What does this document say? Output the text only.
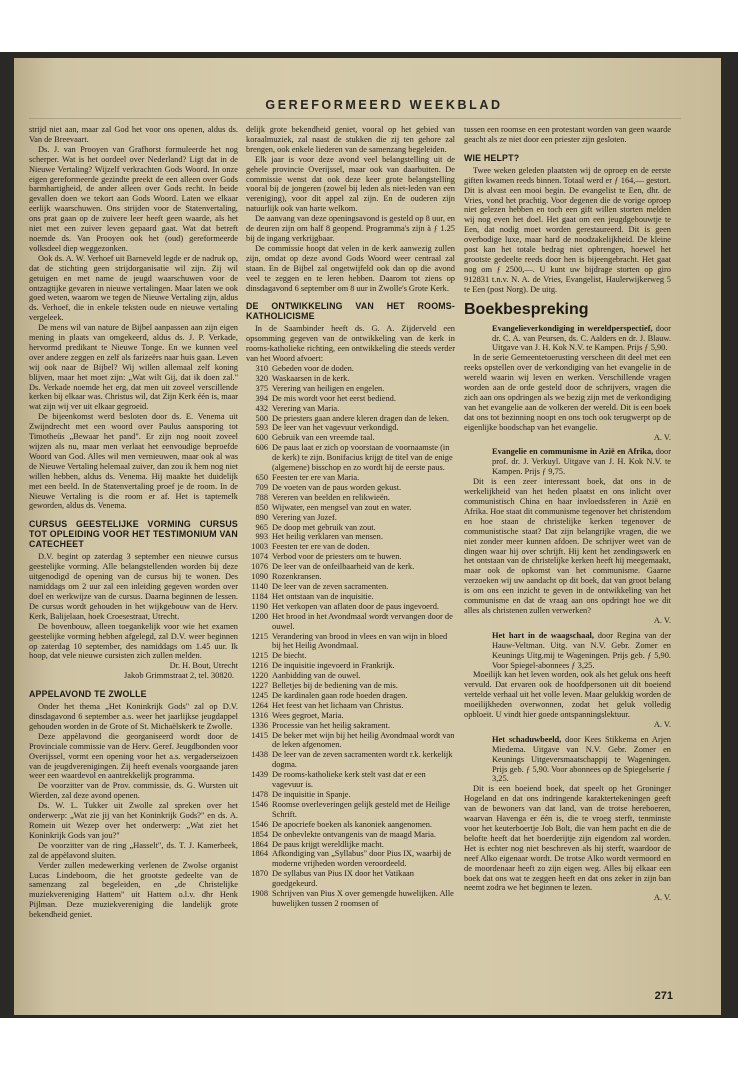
GEREFORMEERD WEEKBLAD

strijd niet aan, maar zal God het voor ons openen, aldus ds. Van de Breevaart.

Ds. J. van Prooyen van Grafhorst formuleerde het nog scherper. Wat is het oordeel over Nederland? Ligt dat in de Nieuwe Vertaling? Wijzelf verkrachten Gods Woord. In onze eigen gereformeerde gezindte preekt de een alleen over Gods barmhartigheid, de ander alleen over Gods recht. In beide gevallen doen we tekort aan Gods Woord. Laten we elkaar eerlijk waarschuwen. Ons strijden voor de Statenvertaling, ons prat gaan op de zuivere leer heeft geen waarde, als het niet met een zuiver leven gepaard gaat. Wat dat betreft noemde ds. Van Prooyen ook het (oud) gereformeerde volksdeel diep weggezonken.

Ook ds. A. W. Verhoef uit Barneveld legde er de nadruk op, dat de stichting geen strijdorganisatie wil zijn. Zij wil getuigen en met name de jeugd waarschuwen voor de ontzagtijke gevaren in nieuwe vertalingen. Maar laten we ook goed weten, waarom we tegen de Nieuwe Vertaling zijn, aldus ds. Verhoef, die in enkele teksten oude en nieuwe vertaling vergeleek.

De mens wil van nature de Bijbel aanpassen aan zijn eigen mening in plaats van omgekeerd, aldus ds. J. P. Verkade, hervormd predikant te Nieuwe Tonge. En we kunnen veel over andere zeggen en zelf als farizeërs naar huis gaan. Leven wij ook naar de Bijbel? Wij willen allemaal zelf koning blijven, maar het moet zijn: „Wat wilt Gij, dat ik doen zal." Ds. Verkade noemde het erg, dat men uit zoveel verscillende kerken bij elkaar was. Christus wil, dat Zijn Kerk één is, maar wat zijn wij ver uit elkaar gegroeid.

De bijeenkomst werd besloten door ds. E. Venema uit Zwijndrecht met een woord over Paulus aansporing tot Timotheüs „Bewaar het pand". Er zijn nog nooit zoveel wijzen als nu, maar men verlaat het eenvoudige beproefde Woord van God. Alles wil men vernieuwen, maar ook al was de Nieuwe Vertaling helemaal zuiver, dan zou ik hem nog niet willen hebben, aldus ds. Venema. Hij maakte het duidelijk met een beeld. In de Statenvertaling proef je de room. In de Nieuwe Vertaling is die room er af. Het is taptemelk geworden, aldus ds. Venema.

CURSUS GEESTELIJKE VORMING CURSUS TOT OPLEIDING VOOR HET TESTIMONIUM VAN CATECHEET

D.V. begint op zaterdag 3 september een nieuwe cursus geestelijke vorming. Alle belangstellenden worden bij deze uitgenodigd de opening van de cursus bij te wonen. Des namiddags om 2 uur zal een inleiding gegeven worden over doel en werkwijze van de cursus. Daarna beginnen de lessen. De cursus wordt gehouden in het wijkgebouw van de Herv. Kerk, Balijelaan, hoek Croesestraat, Utrecht.

De bovenbouw, alleen toegankelijk voor wie het examen geestelijke vorming hebben afgelegd, zal D.V. weer beginnen op zaterdag 10 september, des namiddags om 1.45 uur. Ik hoop, dat vele nieuwe cursisten zich zullen melden.

Dr. H. Bout, Utrecht

Jakob Grimmstraat 2, tel. 30820.

APPELAVOND TE ZWOLLE

Onder het thema „Het Koninkrijk Gods" zal op D.V. dinsdagavond 6 september a.s. weer het jaarlijkse jeugdappel gehouden worden in de Grote of St. Michaëlskerk te Zwolle.

Deze appèlavond die georganiseerd wordt door de Provinciale commissie van de Herv. Geref. Jeugdbonden voor Overijssel, vormt een opening voor het a.s. vergaderseizoen van de jeugdverenigingen. Zij heeft evenals voorgaande jaren weer een waardevol en aantrekkelijk programma.

De voorzitter van de Prov. commissie, ds. G. Wursten uit Wierden, zal deze avond openen.

Ds. W. L. Tukker uit Zwolle zal spreken over het onderwerp: „Wat zie jij van het Koninkrijk Gods?" en ds. A. Romein uit Wezep over het onderwerp: „Wat ziet het Koninkrijk Gods van jou?"

De voorzitter van de ring „Hasselt", ds. T. J. Kamerbeek, zal de appèlavond sluiten.

Verder zullen medewerking verlenen de Zwolse organist Lucas Lindeboom, die het grootste gedeelte van de samenzang zal begeleiden, en „de Christelijke muziekvereniging Hattem" uit Hattem o.l.v. dhr Henk Pijlman. Deze muziekvereniging die landelijk grote bekendheid geniet.

delijk grote bekendheid geniet, vooral op het gebied van koraalmuziek, zal naast de stukken die zij ten gehore zal brengen, ook enkele liederen van de samenzang begeleiden.

Elk jaar is voor deze avond veel belangstelling uit de gehele provincie Overijssel, maar ook van daarbuiten. De commissie wenst dat ook deze keer grote belangstelling vooral bij de jongeren (zowel bij leden als niet-leden van een vereniging), voor dit appel zal zijn. En de ouderen zijn natuurlijk ook van harte welkom.

De aanvang van deze openingsavond is gesteld op 8 uur, en de deuren zijn om half 8 geopend. Programma's zijn à ƒ 1.25 bij de ingang verkrijgbaar.

De commissie hoopt dat velen in de kerk aanwezig zullen zijn, omdat op deze avond Gods Woord weer centraal zal staan. En de Bijbel zal ongetwijfeld ook dan op die avond veel te zeggen en te leren hebben. Daarom tot ziens op dinsdagavond 6 september om 8 uur in Zwolle's Grote Kerk.

DE ONTWIKKELING VAN HET ROOMS-KATHOLICISME

In de Saambinder heeft ds. G. A. Zijderveld een opsomming gegeven van de ontwikkeling van de kerk in rooms-katholieke richting, een ontwikkeling die steeds verder van het Woord afvoert:

310 Gebeden voor de doden.
320 Waskaarsen in de kerk.
375 Verering van heiligen en engelen.
394 De mis wordt voor het eerst bediend.
432 Verering van Maria.
500 De priesters gaan andere kleren dragen dan de leken.
593 De leer van het vagevuur verkondigd.
600 Gebruik van een vreemde taal.
606 De paus laat er zich op voorstaan de voornaamste (in de kerk) te zijn. Bonifacius krijgt de titel van de enige (algemene) bisschop en zo wordt hij de eerste paus.
650 Feesten ter ere van Maria.
709 De voeten van de paus worden gekust.
788 Vereren van beelden en relikwieën.
850 Wijwater, een mengsel van zout en water.
890 Verering van Jozef.
965 De doop met gebruik van zout.
993 Het heilig verklaren van mensen.
1003 Feesten ter ere van de doden.
1074 Verbod voor de priesters om te huwen.
1076 De leer van de onfeilbaarheid van de kerk.
1090 Rozenkransen.
1140 De leer van de zeven sacramenten.
1184 Het ontstaan van de inquisitie.
1190 Het verkopen van aflaten door de paus ingevoerd.
1200 Het brood in het Avondmaal wordt vervangen door de ouwel.
1215 Verandering van brood in vlees en van wijn in bloed bij het Heilig Avondmaal.
1215 De biecht.
1216 De inquisitie ingevoerd in Frankrijk.
1220 Aanbidding van de ouwel.
1227 Belletjes bij de bediening van de mis.
1245 De kardinalen gaan rode hoeden dragen.
1264 Het feest van het lichaam van Christus.
1316 Wees gegroet, Maria.
1336 Processie van het heilig sakrament.
1415 De beker met wijn bij het heilig Avondmaal wordt van de leken afgenomen.
1438 De leer van de zeven sacramenten wordt r.k. kerkelijk dogma.
1439 De rooms-katholieke kerk stelt vast dat er een vagevuur is.
1478 De inquisitie in Spanje.
1546 Roomse overleveringen gelijk gesteld met de Heilige Schrift.
1546 De apocriefe boeken als kanoniek aangenomen.
1854 De onbevlekte ontvangenis van de maagd Maria.
1864 De paus krijgt wereldlijke macht.
1864 Afkondiging van „Syllabus" door Pius IX, waarbij de moderne vrijheden worden veroordeeld.
1870 De syllabus van Pius IX door het Vatikaan goedgekeurd.
1908 Schrijven van Pius X over gemengde huwelijken. Alle huwelijken tussen 2 roomsen of

tussen een roomse en een protestant worden van geen waarde geacht als ze niet door een priester zijn gesloten.

WIE HELPT?

Twee weken geleden plaatsten wij de oproep en de eerste giften kwamen reeds binnen. Totaal werd er ƒ 164,— gestort. Dit is alvast een mooi begin. De evangelist te Een, dhr. de Vries, vond het prachtig. Voor degenen die de vorige oproep niet gelezen hebben en toch een gift willen storten melden wij nog even het doel. Het gaat om een jeugdgebouwtje te Een, dat nodig moet worden gerestaureerd. Dit is geen overbodige luxe, maar hard de noodzakelijkheid. De kleine post kan het totale bedrag niet opbrengen, hoewel het grootste gedeelte reeds door hen is bijeengebracht. Het gaat nog om ƒ 2500,—. U kunt uw bijdrage storten op giro 912831 t.n.v. N. A. de Vries, Evangelist, Haulerwijkerweg 5 te Een (post Norg). De uitg.

Boekbespreking

Evangelieverkondiging in wereldperspectief, door dr. C. A. van Peursen, ds. C. Aalders en dr. J. Blauw. Uitgave van J. H. Kok N.V. te Kampen. Prijs ƒ 5,90.

In de serie Gemeentetoerusting verscheen dit deel met een reeks opstellen over de verkondiging van het evangelie in de wereld waarin wij leven en werken. Verschillende vragen worden aan de orde gesteld door de schrijvers, vragen die zich aan ons opdringen als we bezig zijn met de verkondiging van het evangelie aan de volkeren der wereld. Dit is een boek dat ons tot bezinning noopt en ons toch ook terugwerpt op de eigenlijke boodschap van het evangelie.

A. V.

Evangelie en communisme in Azië en Afrika, door prof. dr. J. Verkuyl. Uitgave van J. H. Kok N.V. te Kampen. Prijs ƒ 9,75.

Dit is een zeer interessant boek, dat ons in de werkelijkheid van het heden plaatst en ons inlicht over communistisch China en haar invloedssferen in Azië en Afrika. Hoe staat dit communisme tegenover het christendom en hoe staan de christelijke kerken tegenover de communistische staat? Dat zijn belangrijke vragen, die we niet zonder meer kunnen afdoen. De schrijver weet van de dingen waar hij over schrijft. Hij kent het zendingswerk en het ontstaan van de christelijke kerken heeft hij meegemaakt, maar ook de opkomst van het communisme. Gaarne verzoeken wij uw aandacht op dit boek, dat van groot belang is om ons een inzicht te geven in de ontwikkeling van het communisme en dat de vraag aan ons opdringt hoe we dit alles als christenen zullen verwerken?

A. V.

Het hart in de waagschaal, door Regina van der Hauw-Veltman. Uitg. van N.V. Gebr. Zomer en Keunings Uitg.mij te Wageningen. Prijs geb. ƒ 5,90. Voor Spiegel-abonnees ƒ 3,25.

Moeilijk kan het leven worden, ook als het geluk ons heeft vervuld. Dat ervaren ook de hoofdpersonen uit dit boeiend vertelde verhaal uit het volle leven. Maar gelukkig worden de moeilijkheden overwonnen, zodat het geluk volledig opbloeit. U vindt hier goede ontspanningslektuur.

A. V.

Het schaduwbeeld, door Kees Stikkema en Arjen Miedema. Uitgave van N.V. Gebr. Zomer en Keunings Uitgeversmaatschappij te Wageningen. Prijs geb. ƒ 5,90. Voor abonnees op de Spiegelserie ƒ 3,25.

Dit is een boeiend boek, dat speelt op het Groninger Hogeland en dat ons indringende karaktertekeningen geeft van de bewoners van dat land, van de trotse hereboeren, waarvan Havenga er één is, die te vroeg sterft, tenminste voor het keuterboertje Job Bolt, die van hem pacht en die de belofte heeft dat het boerderijtje zijn eigendom zal worden. Het is echter nog niet beschreven als hij sterft, waardoor de neef Alko eigenaar wordt. De trotse Alko wordt vermoord en de moordenaar heeft zo zijn eigen weg. Alles bij elkaar een boek dat ons wat te zeggen heeft en dat ons zeker in zijn ban neemt zodra we het beginnen te lezen.

A. V.

271
